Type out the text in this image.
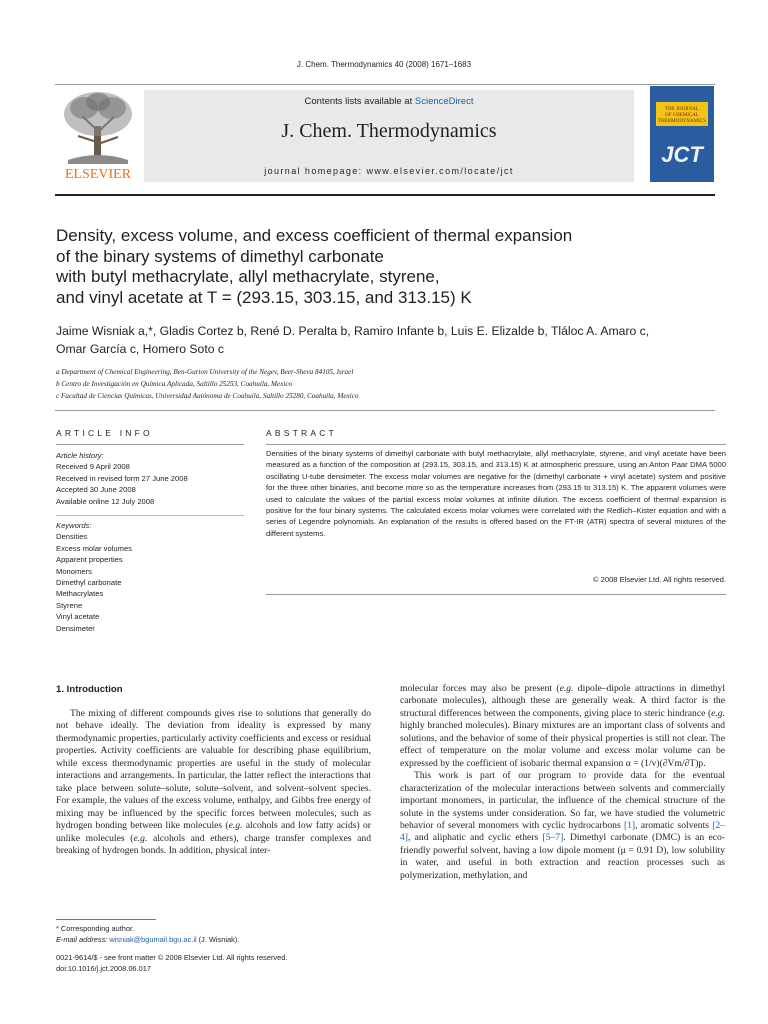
J. Chem. Thermodynamics 40 (2008) 1671–1683
ELSEVIER
Contents lists available at ScienceDirect
J. Chem. Thermodynamics
journal homepage: www.elsevier.com/locate/jct
THE JOURNAL
OF CHEMICAL
THERMODYNAMICS
JCT
Density, excess volume, and excess coefficient of thermal expansion
of the binary systems of dimethyl carbonate
with butyl methacrylate, allyl methacrylate, styrene,
and vinyl acetate at T = (293.15, 303.15, and 313.15) K
Jaime Wisniak a,*, Gladis Cortez b, René D. Peralta b, Ramiro Infante b, Luis E. Elizalde b, Tláloc A. Amaro c,
Omar García c, Homero Soto c
a Department of Chemical Engineering, Ben-Gurion University of the Negev, Beer-Sheva 84105, Israel
b Centro de Investigación en Química Aplicada, Saltillo 25253, Coahuila, Mexico
c Facultad de Ciencias Químicas, Universidad Autónoma de Coahuila, Saltillo 25280, Coahuila, Mexico
ARTICLE INFO	ABSTRACT
Article history:
Received 9 April 2008
Received in revised form 27 June 2008
Accepted 30 June 2008
Available online 12 July 2008
Keywords:
Densities
Excess molar volumes
Apparent properties
Monomers
Dimethyl carbonate
Methacrylates
Styrene
Vinyl acetate
Densimeter
Densities of the binary systems of dimethyl carbonate with butyl methacrylate, allyl methacrylate, styrene, and vinyl acetate have been measured as a function of the composition at (293.15, 303.15, and 313.15) K at atmospheric pressure, using an Anton Paar DMA 5000 oscillating U-tube densimeter. The excess molar volumes are negative for the (dimethyl carbonate + vinyl acetate) system and positive for the three other binaries, and become more so as the temperature increases from (293.15 to 313.15) K. The apparent volumes were used to calculate the values of the partial excess molar volumes at infinite dilution. The excess coefficient of thermal expansion is positive for the four binary systems. The calculated excess molar volumes were correlated with the Redlich–Kister equation and with a series of Legendre polynomials. An explanation of the results is offered based on the FT-IR (ATR) spectra of several mixtures of the different systems.
© 2008 Elsevier Ltd. All rights reserved.
1. Introduction

The mixing of different compounds gives rise to solutions that generally do not behave ideally. The deviation from ideality is expressed by many thermodynamic properties, particularly activity coefficients and excess or residual properties. Activity coefficients are valuable for describing phase equilibrium, while excess thermodynamic properties are useful in the study of molecular interactions and arrangements. In particular, the latter reflect the interactions that take place between solute–solute, solute–solvent, and solvent–solvent species. For example, the values of the excess volume, enthalpy, and Gibbs free energy of mixing may be influenced by the specific forces between molecules, such as hydrogen bonding between like molecules (e.g. alcohols and low fatty acids) or unlike molecules (e.g. alcohols and ethers), charge transfer complexes and breaking of hydrogen bonds. In addition, physical inter-

molecular forces may also be present (e.g. dipole–dipole attractions in dimethyl carbonate molecules), although these are generally weak. A third factor is the structural differences between the components, giving place to steric hindrance (e.g. highly branched molecules). Binary mixtures are an important class of solvents and solutions, and the behavior of some of their physical properties is still not clear. The effect of temperature on the molar volume and excess molar volume can be expressed by the coefficient of isobaric thermal expansion α = (1/v)(∂Vm/∂T)p.

This work is part of our program to provide data for the eventual characterization of the molecular interactions between solvents and commercially important monomers, in particular, the influence of the chemical structure of the solute in the systems under consideration. So far, we have studied the volumetric behavior of several monomers with cyclic hydrocarbons [1], aromatic solvents [2–4], and aliphatic and cyclic ethers [5–7]. Dimethyl carbonate (DMC) is an eco-friendly powerful solvent, having a low dipole moment (μ = 0.91 D), low solubility in water, and useful in both extraction and reaction processes such as polymerization, methylation, and

* Corresponding author.
E-mail address: wisniak@bgumail.bgu.ac.il (J. Wisniak).
0021-9614/$ - see front matter © 2008 Elsevier Ltd. All rights reserved.
doi:10.1016/j.jct.2008.06.017
